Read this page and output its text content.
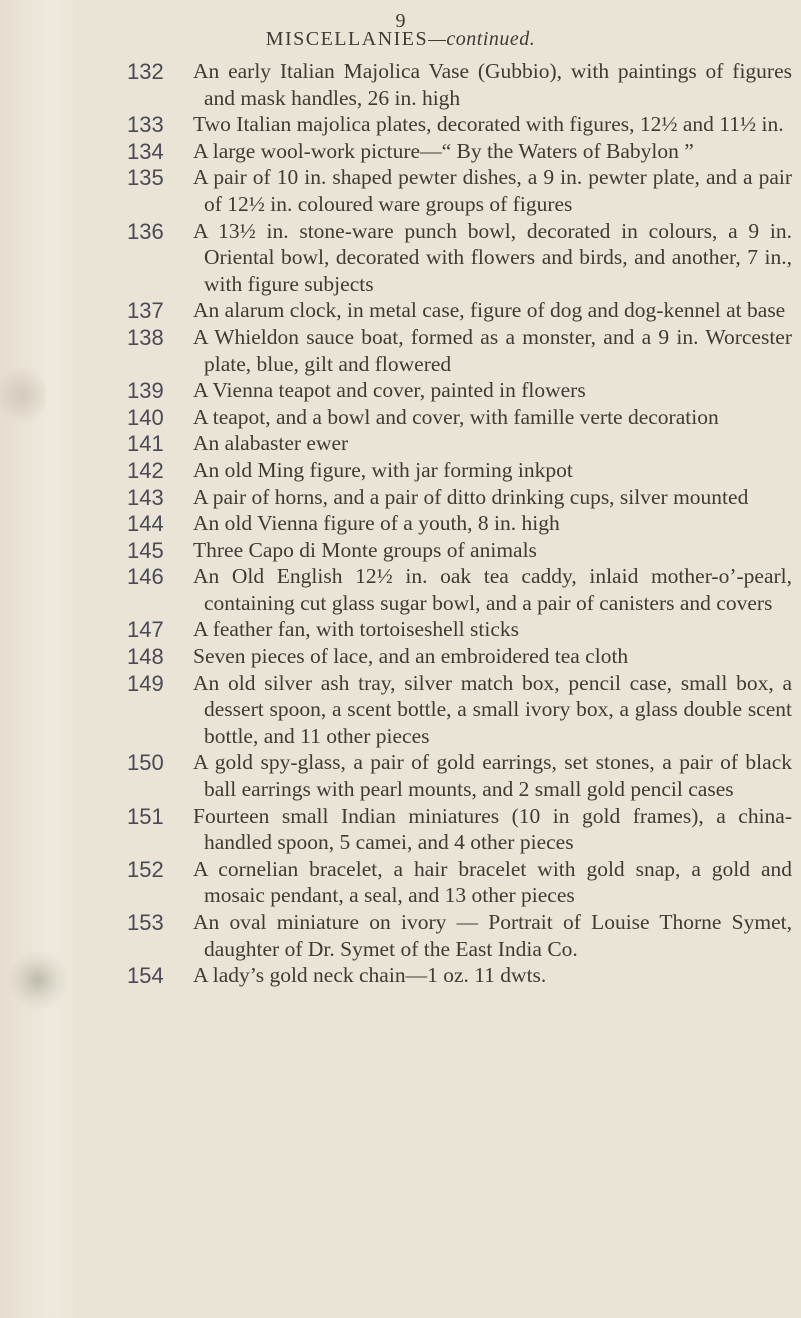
9
MISCELLANIES—continued.
132	An early Italian Majolica Vase (Gubbio), with paintings of figures and mask handles, 26 in. high
133	Two Italian majolica plates, decorated with figures, 12½ and 11½ in.
134	A large wool-work picture—“ By the Waters of Babylon ”
135	A pair of 10 in. shaped pewter dishes, a 9 in. pewter plate, and a pair of 12½ in. coloured ware groups of figures
136	A 13½ in. stone-ware punch bowl, decorated in colours, a 9 in. Oriental bowl, decorated with flowers and birds, and another, 7 in., with figure subjects
137	An alarum clock, in metal case, figure of dog and dog-kennel at base
138	A Whieldon sauce boat, formed as a monster, and a 9 in. Worcester plate, blue, gilt and flowered
139	A Vienna teapot and cover, painted in flowers
140	A teapot, and a bowl and cover, with famille verte decoration
141	An alabaster ewer
142	An old Ming figure, with jar forming inkpot
143	A pair of horns, and a pair of ditto drinking cups, silver mounted
144	An old Vienna figure of a youth, 8 in. high
145	Three Capo di Monte groups of animals
146	An Old English 12½ in. oak tea caddy, inlaid mother-o’-pearl, containing cut glass sugar bowl, and a pair of canisters and covers
147	A feather fan, with tortoiseshell sticks
148	Seven pieces of lace, and an embroidered tea cloth
149	An old silver ash tray, silver match box, pencil case, small box, a dessert spoon, a scent bottle, a small ivory box, a glass double scent bottle, and 11 other pieces
150	A gold spy-glass, a pair of gold earrings, set stones, a pair of black ball earrings with pearl mounts, and 2 small gold pencil cases
151	Fourteen small Indian miniatures (10 in gold frames), a china-handled spoon, 5 camei, and 4 other pieces
152	A cornelian bracelet, a hair bracelet with gold snap, a gold and mosaic pendant, a seal, and 13 other pieces
153	An oval miniature on ivory — Portrait of Louise Thorne Symet, daughter of Dr. Symet of the East India Co.
154	A lady’s gold neck chain—1 oz. 11 dwts.
